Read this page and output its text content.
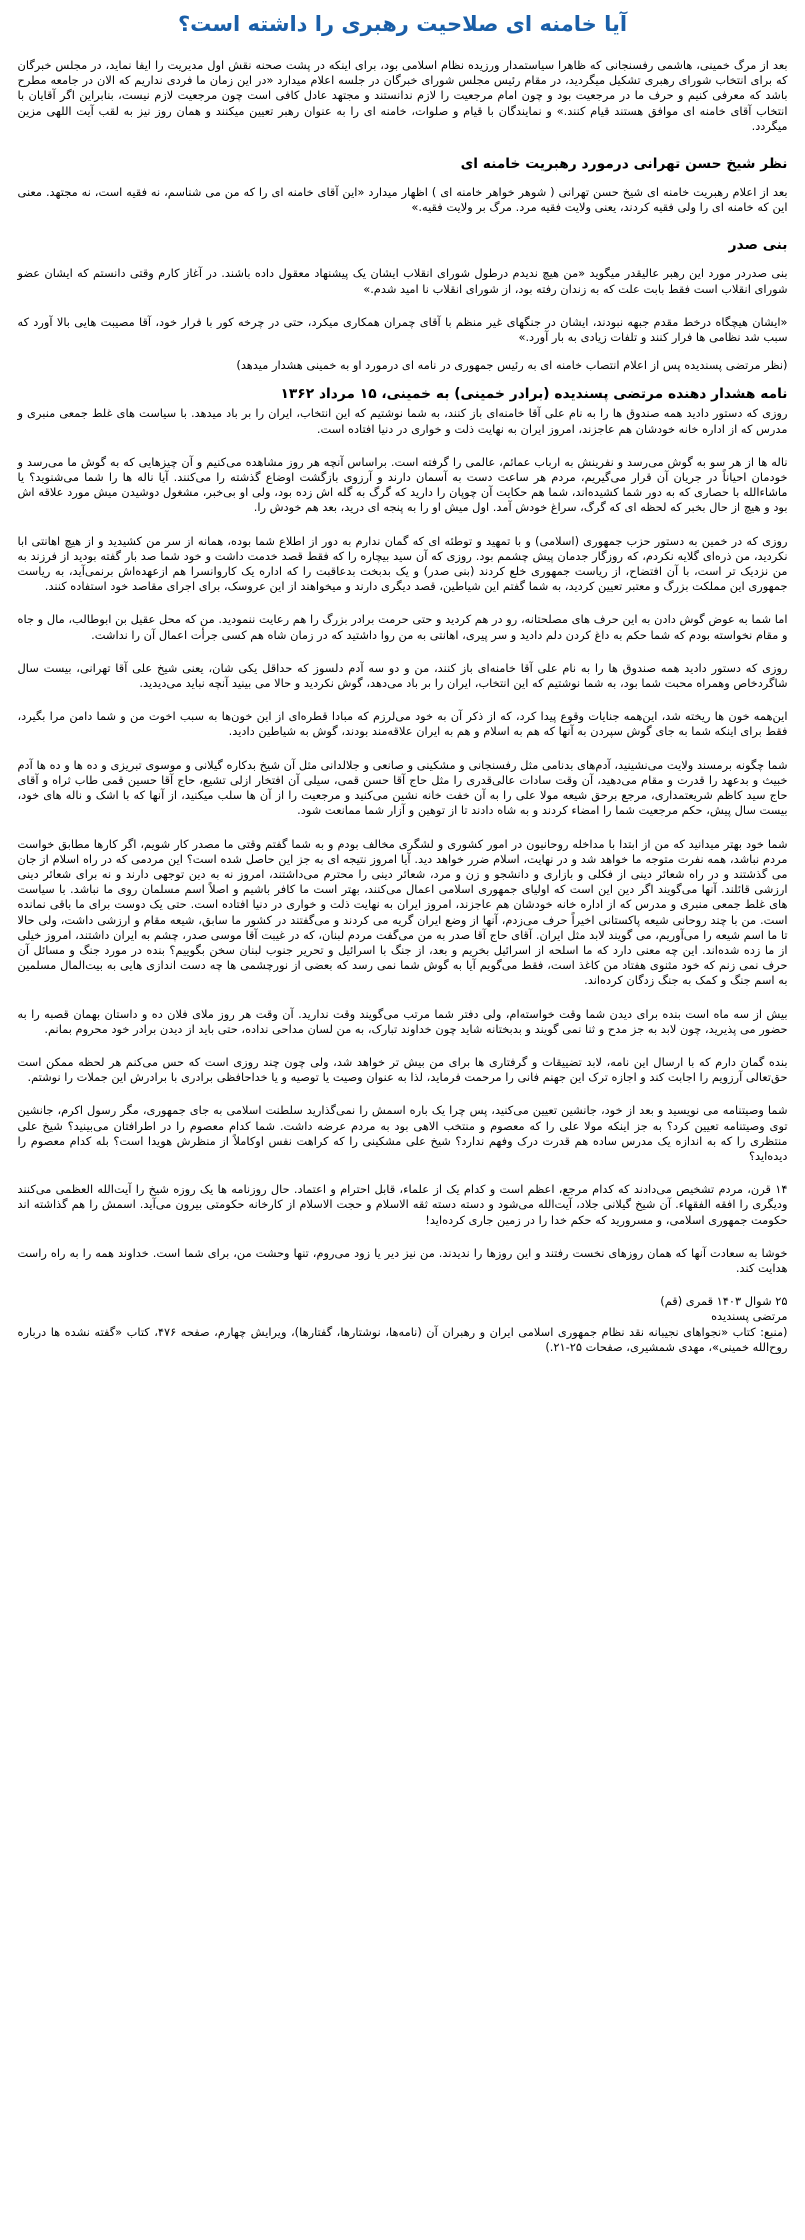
آیا خامنه ای صلاحیت رهبری را داشته است؟

بعد از مرگ خمینی، هاشمی رفسنجانی که ظاهرا سیاستمدار ورزیده نظام اسلامی بود، برای اینکه در پشت صحنه نقش اول مدیریت را ایفا نماید، در مجلس خبرگان که برای انتخاب شورای رهبری تشکیل میگردید، در مقام رئیس مجلس شورای خبرگان در جلسه اعلام میدارد «در این زمان ما فردی نداریم که الان در جامعه مطرح باشد که معرفی کنیم و حرف ما در مرجعیت بود و چون امام مرجعیت را لازم ندانستند و مجتهد عادل کافی است چون مرجعیت لازم نیست، بنابراین اگر آقایان با انتخاب آقای خامنه ای موافق هستند قیام کنند.» و نمایندگان با قیام و صلوات، خامنه ای را به عنوان رهبر تعیین میکنند و همان روز نیز به لقب آیت اللهی مزین میگردد.

نظر شیخ حسن تهرانی درمورد رهبریت خامنه ای

بعد از اعلام رهبریت خامنه ای شیخ حسن تهرانی ( شوهر خواهر خامنه ای ) اظهار میدارد «این آقای خامنه ای را که من می شناسم، نه فقیه است، نه مجتهد. معنی این که خامنه ای را ولی فقیه کردند، یعنی ولایت فقیه مرد. مرگ بر ولایت فقیه.»

بنی صدر

بنی صدردر مورد این رهبر عالیقدر میگوید «من هیچ ندیدم درطول شورای انقلاب ایشان یک پیشنهاد معقول داده باشند. در آغاز کارم وقتی دانستم که ایشان عضو شورای انقلاب است فقط بابت علت که به زندان رفته بود، از شورای انقلاب نا امید شدم.»

«ایشان هیچگاه درخط مقدم جبهه نبودند، ایشان در جنگهای غیر منظم با آقای چمران همکاری میکرد، حتی در چرخه کور با فرار خود، آقا مصیبت هایی بالا آورد که سبب شد نظامی ها فرار کنند و تلفات زیادی به بار آورد.»

(نظر مرتضی پسندیده پس از اعلام انتصاب خامنه ای به رئیس جمهوری در نامه ای درمورد او به خمینی هشدار میدهد)

نامه هشدار دهنده مرتضی پسندیده (برادر خمینی) به خمینی، ۱۵ مرداد ۱۳۶۲

روزی که دستور دادید همه صندوق ها را به نام علی آقا خامنه‌ای باز کنند، به شما نوشتیم که این انتخاب، ایران را بر باد میدهد. با سیاست های غلط جمعی منبری و مدرس که از اداره خانه خودشان هم عاجزند، امروز ایران به نهایت ذلت و خواری در دنیا افتاده است.

ناله ها از هر سو به گوش می‌رسد و نفرینش به ارباب عمائم، عالمی را گرفته است. براساس آنچه هر روز مشاهده می‌کنیم و آن چیزهایی که به گوش ما می‌رسد و خودمان احیاناً در جریان آن قرار می‌گیریم، مردم هر ساعت دست به آسمان دارند و آرزوی بازگشت اوضاع گذشته را می‌کنند. آیا ناله ها را شما می‌شنوید؟ یا ماشاءالله با حصاری که به دور شما کشیده‌اند، شما هم حکایت آن چوپان را دارید که گرگ به گله اش زده بود، ولی او بی‌خبر، مشغول دوشیدن میش مورد علاقه اش بود و هیچ از حال بخبر که لحظه ای که گرگ، سراغ خودش آمد. اول میش او را به پنجه ای درید، بعد هم خودش را.

روزی که در خمین به دستور حزب جمهوری (اسلامی) و با تمهید و توطئه ای که گمان ندارم به دور از اطلاع شما بوده، همانه از سر من کشیدید و از هیچ اهانتی ابا نکردید، من ذره‌ای گلایه نکردم، که روزگار جدمان پیش چشمم بود. روزی که آن سید بیچاره را که فقط قصد خدمت داشت و خود شما صد بار گفته بودید از فرزند به من نزدیک تر است، با آن افتضاح، از ریاست جمهوری خلع کردند (بنی صدر) و یک بدبخت بدعاقبت را که اداره یک کاروانسرا هم ازعهده‌اش برنمی‌آید، به ریاست جمهوری این مملکت بزرگ و معتبر تعیین کردید، به شما گفتم این شیاطین، قصد دیگری دارند و میخواهند از این عروسک، برای اجرای مقاصد خود استفاده کنند.

اما شما به عوض گوش دادن به این حرف های مصلحتانه، رو در هم کردید و حتی حرمت برادر بزرگ را هم رعایت ننمودید. من که محل عقیل بن ابوطالب، مال و جاه و مقام نخواسته بودم که شما حکم به داغ کردن دلم دادید و سر پیری، اهانتی به من روا داشتید که در زمان شاه هم کسی جرأت اعمال آن را نداشت.

روزی که دستور دادید همه صندوق ها را به نام علی آقا خامنه‌ای باز کنند، من و دو سه آدم دلسوز که حداقل یکی شان، یعنی شیخ علی آقا تهرانی، بیست سال شاگردخاص وهمراه محبت شما بود، به شما نوشتیم که این انتخاب، ایران را بر باد می‌دهد، گوش نکردید و حالا می بینید آنچه نباید می‌دیدید.

این‌همه خون ها ریخته شد، این‌همه جنایات وقوع پیدا کرد، که از ذکر آن به خود می‌لرزم که مبادا قطره‌ای از این خون‌ها به سبب اخوت من و شما دامن مرا بگیرد، فقط برای اینکه شما به جای گوش سپردن به آنها که هم به اسلام و هم به ایران علاقه‌مند بودند، گوش به شیاطین دادید.

شما چگونه برمسند ولایت می‌نشینید، آدم‌های بدنامی مثل رفسنجانی و مشکینی و صانعی و جلالدانی مثل آن شیخ بدکاره گیلانی و موسوی تبریزی و ده ها و ده ها آدم خبیث و بدعهد را قدرت و مقام می‌دهید، آن وقت سادات عالی‌قدری را مثل حاج آقا حسن قمی، سیلی آن افتخار ازلی تشیع، حاج آقا حسین قمی طاب ثراه و آقای حاج سید کاظم شریعتمداری، مرجع برحق شیعه مولا علی را به آن خفت خانه نشین می‌کنید و مرجعیت را از آن ها سلب میکنید، از آنها که با اشک و ناله های خود، بیست سال پیش، حکم مرجعیت شما را امضاء کردند و به شاه دادند تا از توهین و آزار شما ممانعت شود.

شما خود بهتر میدانید که من از ابتدا با مداخله روحانیون در امور کشوری و لشگری مخالف بودم و به شما گفتم وقتی ما مصدر کار شویم، اگر کارها مطابق خواست مردم نباشد، همه نفرت متوجه ما خواهد شد و در نهایت، اسلام ضرر خواهد دید. آیا امروز نتیجه ای به جز این حاصل شده است؟ این مردمی که در راه اسلام از جان می گذشتند و در راه شعائر دینی از فکلی و بازاری و دانشجو و زن و مرد، شعائر دینی را محترم می‌داشتند، امروز نه به دین توجهی دارند و نه برای شعائر دینی ارزشی قائلند. آنها می‌گویند اگر دین این است که اولیای جمهوری اسلامی اعمال می‌کنند، بهتر است ما کافر باشیم و اصلاً اسم مسلمان روی ما نباشد. با سیاست های غلط جمعی منبری و مدرس که از اداره خانه خودشان هم عاجزند، امروز ایران به نهایت ذلت و خواری در دنیا افتاده است. حتی یک دوست برای ما باقی نمانده است. من با چند روحانی شیعه پاکستانی اخیراً حرف می‌زدم، آنها از وضع ایران گریه می کردند و می‌گفتند در کشور ما سابق، شیعه مقام و ارزشی داشت، ولی حالا تا ما اسم شیعه را می‌آوریم، می گویند لابد مثل ایران. آقای حاج آقا صدر به من می‌گفت مردم لبنان، که در غیبت آقا موسی صدر، چشم به ایران داشتند، امروز خیلی از ما زده شده‌اند. این چه معنی دارد که ما اسلحه از اسرائیل بخریم و بعد، از جنگ با اسرائیل و تحریر جنوب لبنان سخن بگوییم؟ بنده در مورد جنگ و مسائل آن حرف نمی زنم که خود مثنوی هفتاد من کاغذ است، فقط می‌گویم آیا به گوش شما نمی رسد که بعضی از نورچشمی ها چه دست اندازی هایی به بیت‌المال مسلمین به اسم جنگ و کمک به جنگ زدگان کرده‌اند.

بیش از سه ماه است بنده برای دیدن شما وقت خواسته‌ام، ولی دفتر شما مرتب می‌گویند وقت ندارید. آن وقت هر روز ملای فلان ده و داستان بهمان قصبه را به حضور می پذیرید، چون لابد به جز مدح و ثنا نمی گویند و بدبختانه شاید چون خداوند تبارک، به من لسان مداحی نداده، حتی باید از دیدن برادر خود محروم بمانم.

بنده گمان دارم که با ارسال این نامه، لابد تضییقات و گرفتاری ها برای من بیش تر خواهد شد، ولی چون چند روزی است که حس می‌کنم هر لحظه ممکن است حق‌تعالی آرزویم را اجابت کند و اجازه ترک این جهنم فانی را مرحمت فرماید، لذا به عنوان وصیت یا توصیه و یا خداحافظی برادری با برادرش این جملات را نوشتم.

شما وصیتنامه می نویسید و بعد از خود، جانشین تعیین می‌کنید، پس چرا یک باره اسمش را نمی‌گذارید سلطنت اسلامی به جای جمهوری، مگر رسول اکرم، جانشین توی وصیتنامه تعیین کرد؟ به جز اینکه مولا علی را که معصوم و منتخب الاهی بود به مردم عرضه داشت. شما کدام معصوم را در اطرافتان می‌بینید؟ شیخ علی منتظری را که به اندازه یک مدرس ساده هم قدرت درک وفهم ندارد؟ شیخ علی مشکینی را که کراهت نفس اوکاملاً از منظرش هویدا است؟ بله کدام معصوم را دیده‌اید؟

۱۴ قرن، مردم تشخیص می‌دادند که کدام مرجع، اعظم است و کدام یک از علماء، قابل احترام و اعتماد. حال روزنامه ها یک روزه شیخ را آیت‌الله العظمی می‌کنند ودیگری را افقه الفقهاء. آن شیخ گیلانی جلاد، آیت‌الله می‌شود و دسته دسته ثقه الاسلام و حجت الاسلام از کارخانه حکومتی بیرون می‌آید. اسمش را هم گذاشته اند حکومت جمهوری اسلامی، و مسرورید که حکم خدا را در زمین جاری کرده‌اید!

خوشا به سعادت آنها که همان روزهای نخست رفتند و این روزها را ندیدند. من نیز دیر یا زود می‌روم، تنها وحشت من، برای شما است. خداوند همه را به راه راست هدایت کند.

۲۵ شوال ۱۴۰۳ قمری (قم)

مرتضی پسندیده

(منبع: کتاب «نجواهای نجیبانه نقد نظام جمهوری اسلامی ایران و رهبران آن (نامه‌ها، نوشتارها، گفتارها)، ویرایش چهارم، صفحه ۴۷۶، کتاب «گفته نشده ها درباره روح‌الله خمینی»، مهدی شمشیری، صفحات ۲۵-۲۱.)
